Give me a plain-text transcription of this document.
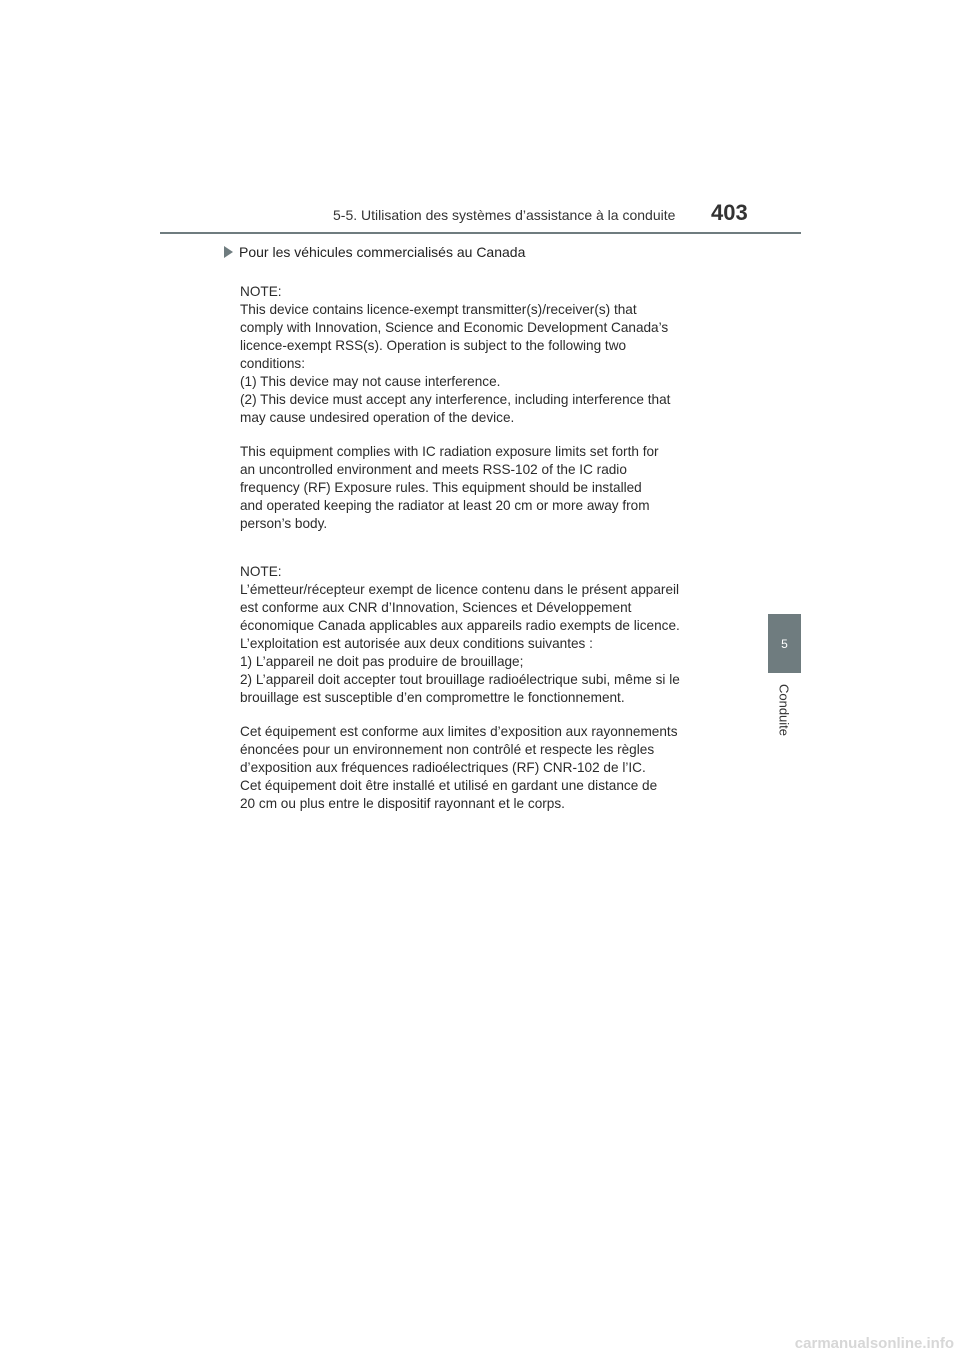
5-5. Utilisation des systèmes d’assistance à la conduite 403
Pour les véhicules commercialisés au Canada
NOTE:
This device contains licence-exempt transmitter(s)/receiver(s) that
comply with Innovation, Science and Economic Development Canada’s
licence-exempt RSS(s). Operation is subject to the following two
conditions:
(1) This device may not cause interference.
(2) This device must accept any interference, including interference that
may cause undesired operation of the device.
This equipment complies with IC radiation exposure limits set forth for
an uncontrolled environment and meets RSS-102 of the IC radio
frequency (RF) Exposure rules. This equipment should be installed
and operated keeping the radiator at least 20 cm or more away from
person’s body.
NOTE:
L’émetteur/récepteur exempt de licence contenu dans le présent appareil
est conforme aux CNR d’Innovation, Sciences et Développement
économique Canada applicables aux appareils radio exempts de licence.
L’exploitation est autorisée aux deux conditions suivantes :
1) L’appareil ne doit pas produire de brouillage;
2) L’appareil doit accepter tout brouillage radioélectrique subi, même si le
brouillage est susceptible d’en compromettre le fonctionnement.
Cet équipement est conforme aux limites d’exposition aux rayonnements
énoncées pour un environnement non contrôlé et respecte les règles
d’exposition aux fréquences radioélectriques (RF) CNR-102 de l’IC.
Cet équipement doit être installé et utilisé en gardant une distance de
20 cm ou plus entre le dispositif rayonnant et le corps.
5
Conduite
carmanualsonline.info
